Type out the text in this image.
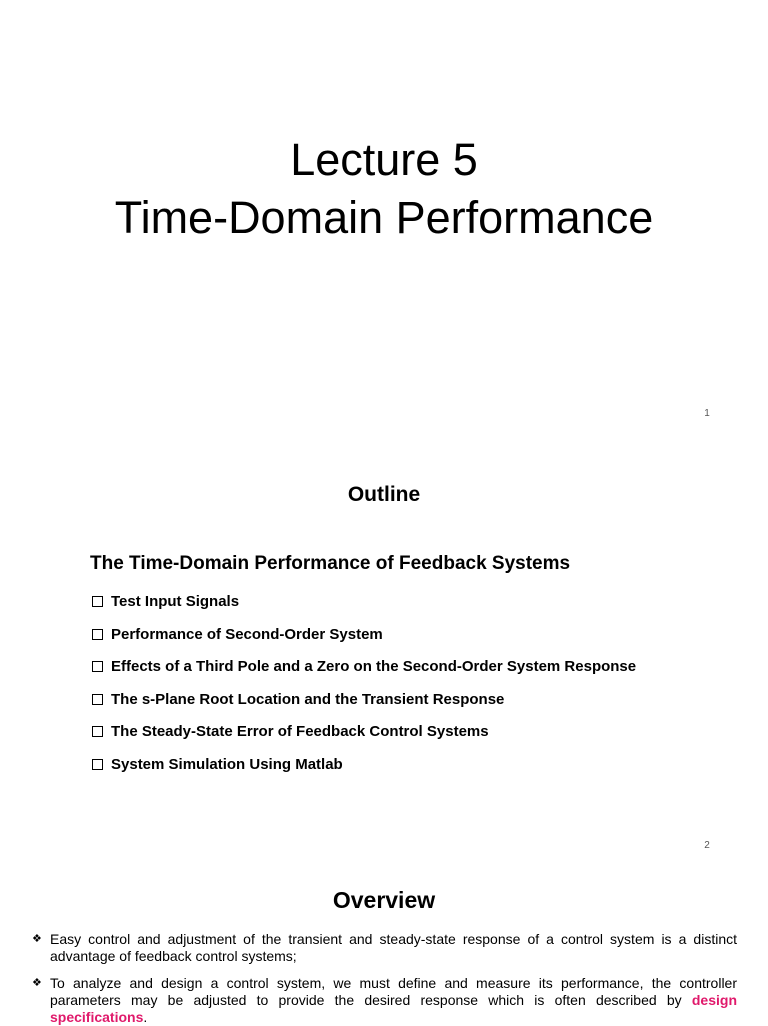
Lecture 5
Time-Domain Performance
1
Outline
The Time-Domain Performance of Feedback Systems
Test Input Signals
Performance of Second-Order System
Effects of a Third Pole and a Zero on the Second-Order System Response
The s-Plane Root Location and the Transient Response
The Steady-State Error of Feedback Control Systems
System Simulation Using Matlab
2
Overview
❖ Easy control and adjustment of the transient and steady-state response of a control system is a distinct advantage of feedback control systems;
❖ To analyze and design a control system, we must define and measure its performance, the controller parameters may be adjusted to provide the desired response which is often described by design specifications.
